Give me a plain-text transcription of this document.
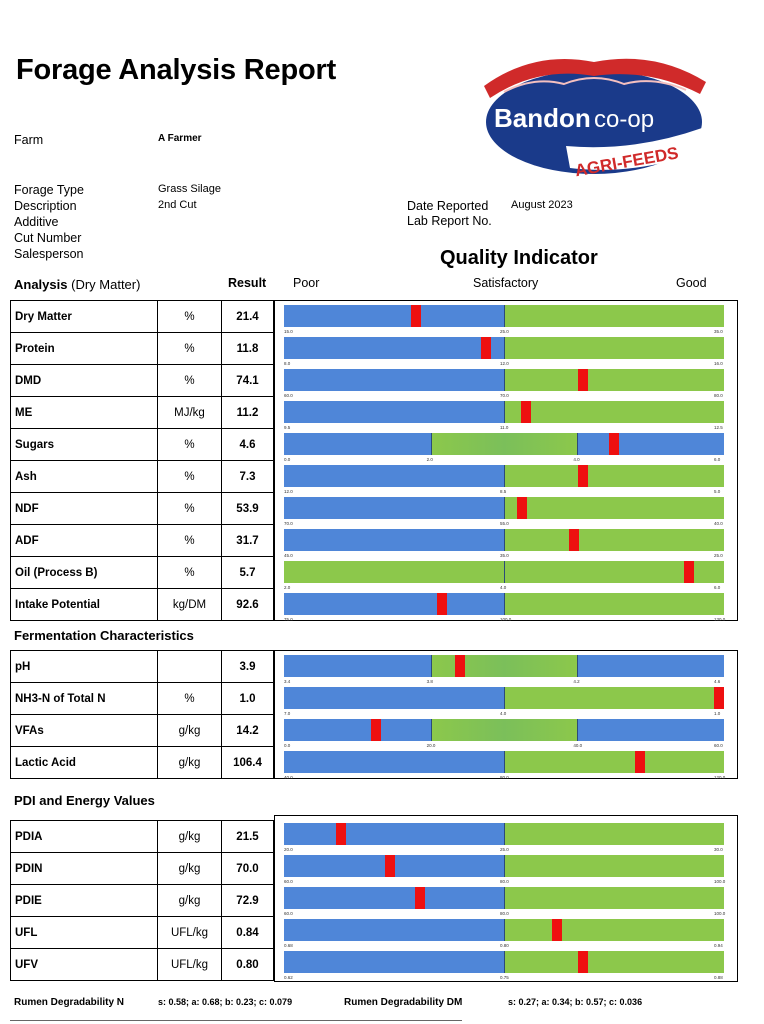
Forage Analysis Report
Bandon co-op
AGRI-FEEDS
Farm	A Farmer
Forage Type	Grass Silage
Description	2nd Cut
Additive
Cut Number
Salesperson
Date Reported August 2023
Lab Report No.
Quality Indicator
Poor	Satisfactory	Good
Analysis (Dry Matter)	Result
Dry Matter	%	21.4
Protein	%	11.8
DMD	%	74.1
ME	MJ/kg	11.2
Sugars	%	4.6
Ash	%	7.3
NDF	%	53.9
ADF	%	31.7
Oil (Process B)	%	5.7
Intake Potential	kg/DM	92.6
15.0	25.0	35.0
8.0	12.0	16.0
60.0	70.0	80.0
9.5	11.0	12.5
0.0	2.0	4.0	6.0
12.0	8.5	5.0
70.0	55.0	40.0
45.0	35.0	25.0
2.0	4.0	6.0
75.0	100.0	130.0
Fermentation Characteristics
pH		3.9
NH3-N of Total N	%	1.0
VFAs	g/kg	14.2
Lactic Acid	g/kg	106.4
3.4	3.8	4.2	4.6
7.0	4.0	1.0
0.0	20.0	40.0	60.0
40.0	80.0	120.0
PDI and Energy Values
PDIA	g/kg	21.5
PDIN	g/kg	70.0
PDIE	g/kg	72.9
UFL	UFL/kg	0.84
UFV	UFL/kg	0.80
20.0	25.0	30.0
60.0	80.0	100.0
60.0	80.0	100.0
0.68	0.80	0.94
0.62	0.75	0.88
Rumen Degradability N	s: 0.58; a: 0.68; b: 0.23; c: 0.079	Rumen Degradability DM	s: 0.27; a: 0.34; b: 0.57; c: 0.036
